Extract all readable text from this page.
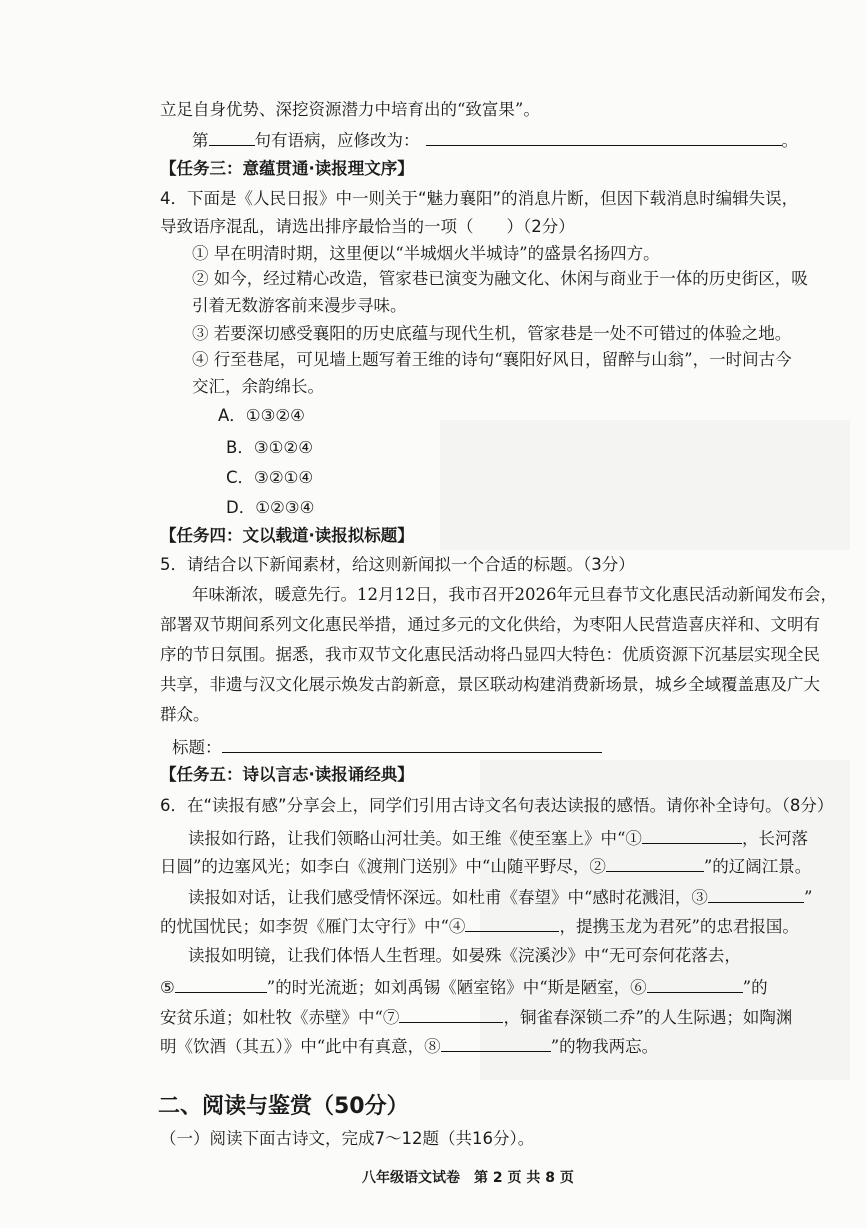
立足自身优势、深挖资源潜力中培育出的“致富果”。
第	句有语病，应修改为：	。
【任务三：意蕴贯通·读报理文序】
4．下面是《人民日报》中一则关于“魅力襄阳”的消息片断，但因下载消息时编辑失误，
导致语序混乱，请选出排序最恰当的一项（　　）（2分）
① 早在明清时期，这里便以“半城烟火半城诗”的盛景名扬四方。
② 如今，经过精心改造，管家巷已演变为融文化、休闲与商业于一体的历史街区，吸
引着无数游客前来漫步寻味。
③ 若要深切感受襄阳的历史底蕴与现代生机，管家巷是一处不可错过的体验之地。
④ 行至巷尾，可见墙上题写着王维的诗句“襄阳好风日，留醉与山翁”，一时间古今
交汇，余韵绵长。
A．①③②④
B．③①②④
C．③②①④
D．①②③④
【任务四：文以载道·读报拟标题】
5．请结合以下新闻素材，给这则新闻拟一个合适的标题。（3分）
年味渐浓，暖意先行。12月12日，我市召开2026年元旦春节文化惠民活动新闻发布会，
部署双节期间系列文化惠民举措，通过多元的文化供给，为枣阳人民营造喜庆祥和、文明有
序的节日氛围。据悉，我市双节文化惠民活动将凸显四大特色：优质资源下沉基层实现全民
共享，非遗与汉文化展示焕发古韵新意，景区联动构建消费新场景，城乡全域覆盖惠及广大
群众。
标题：
【任务五：诗以言志·读报诵经典】
6．在“读报有感”分享会上，同学们引用古诗文名句表达读报的感悟。请你补全诗句。（8分）
读报如行路，让我们领略山河壮美。如王维《使至塞上》中“①	，长河落
日圆”的边塞风光；如李白《渡荆门送别》中“山随平野尽，②	”的辽阔江景。
读报如对话，让我们感受情怀深远。如杜甫《春望》中“感时花溅泪，③	”
的忧国忧民；如李贺《雁门太守行》中“④	，提携玉龙为君死”的忠君报国。
读报如明镜，让我们体悟人生哲理。如晏殊《浣溪沙》中“无可奈何花落去，
⑤	”的时光流逝；如刘禹锡《陋室铭》中“斯是陋室，⑥	”的
安贫乐道；如杜牧《赤壁》中“⑦	，铜雀春深锁二乔”的人生际遇；如陶渊
明《饮酒（其五）》中“此中有真意，⑧	”的物我两忘。
二、阅读与鉴赏（50分）
（一）阅读下面古诗文，完成7～12题（共16分）。
八年级语文试卷　第 2 页 共 8 页
